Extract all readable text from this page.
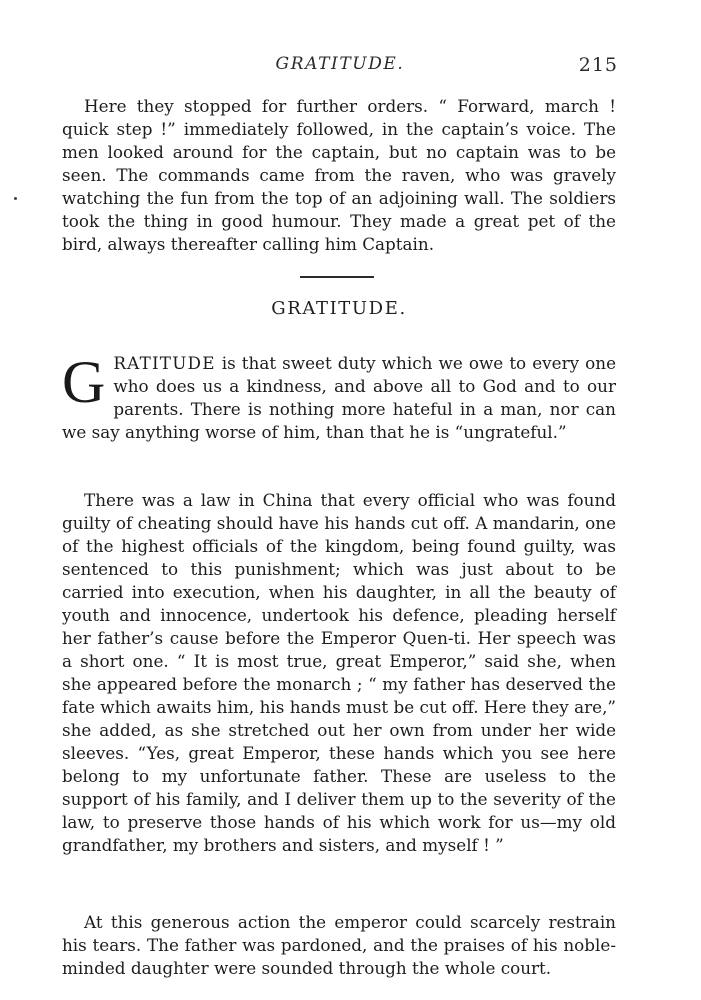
GRATITUDE.	215
Here they stopped for further orders. “ Forward, march ! quick step !” immediately followed, in the captain’s voice. The men looked around for the captain, but no captain was to be seen. The commands came from the raven, who was gravely watching the fun from the top of an adjoining wall. The soldiers took the thing in good humour. They made a great pet of the bird, always thereafter calling him Captain.
GRATITUDE.
GRATITUDE is that sweet duty which we owe to every one who does us a kindness, and above all to God and to our parents. There is nothing more hateful in a man, nor can we say anything worse of him, than that he is “ungrateful.”
There was a law in China that every official who was found guilty of cheating should have his hands cut off. A mandarin, one of the highest officials of the kingdom, being found guilty, was sentenced to this punishment; which was just about to be carried into execution, when his daughter, in all the beauty of youth and innocence, undertook his defence, pleading herself her father’s cause before the Emperor Quen-ti. Her speech was a short one. “ It is most true, great Emperor,” said she, when she appeared before the monarch ; “ my father has deserved the fate which awaits him, his hands must be cut off. Here they are,” she added, as she stretched out her own from under her wide sleeves. “Yes, great Emperor, these hands which you see here belong to my unfortunate father. These are useless to the support of his family, and I deliver them up to the severity of the law, to preserve those hands of his which work for us—my old grandfather, my brothers and sisters, and myself ! ”
At this generous action the emperor could scarcely restrain his tears. The father was pardoned, and the praises of his noble-minded daughter were sounded through the whole court.
